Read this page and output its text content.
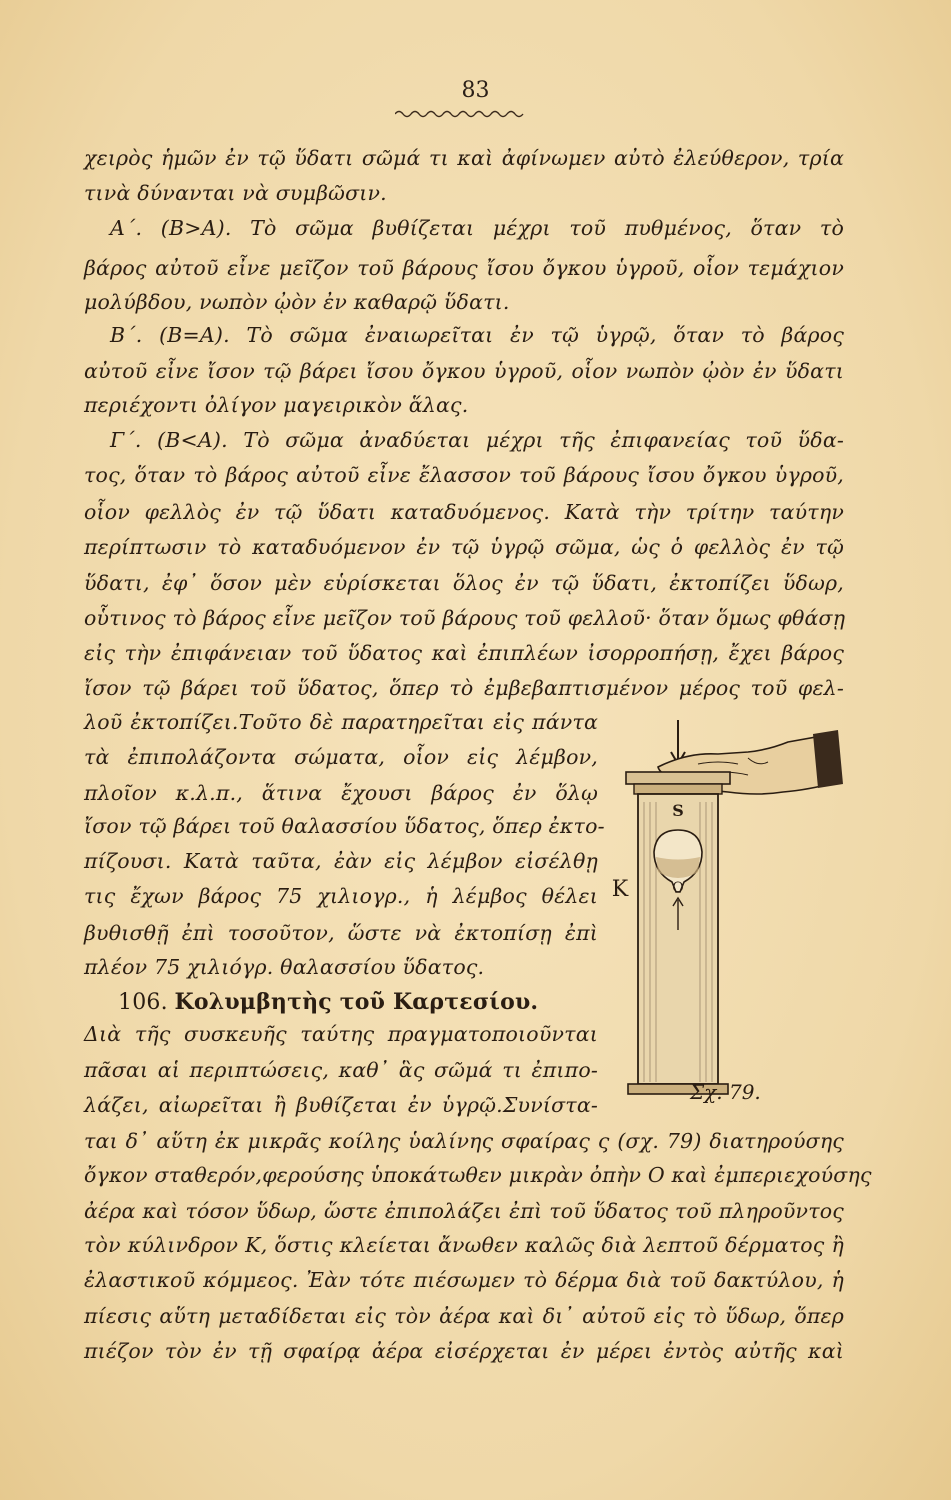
83
χειρὸς ἡμῶν ἐν τῷ ὕδατι σῶμά τι καὶ ἀφίνωμεν αὐτὸ ἐλεύθερον, τρία
τινὰ δύνανται νὰ συμβῶσιν.
Α΄. (Β>Α). Τὸ σῶμα βυθίζεται μέχρι τοῦ πυθμένος, ὅταν τὸ
βάρος αὐτοῦ εἶνε μεῖζον τοῦ βάρους ἴσου ὄγκου ὑγροῦ, οἷον τεμάχιον
μολύβδου, νωπὸν ᾠὸν ἐν καθαρῷ ὕδατι.
Β΄. (Β=Α). Τὸ σῶμα ἐναιωρεῖται ἐν τῷ ὑγρῷ, ὅταν τὸ βάρος
αὐτοῦ εἶνε ἴσον τῷ βάρει ἴσου ὄγκου ὑγροῦ, οἷον νωπὸν ᾠὸν ἐν ὕδατι
περιέχοντι ὀλίγον μαγειρικὸν ἅλας.
Γ΄. (Β<Α). Τὸ σῶμα ἀναδύεται μέχρι τῆς ἐπιφανείας τοῦ ὕδα-
τος, ὅταν τὸ βάρος αὐτοῦ εἶνε ἔλασσον τοῦ βάρους ἴσου ὄγκου ὑγροῦ,
οἷον φελλὸς ἐν τῷ ὕδατι καταδυόμενος. Κατὰ τὴν τρίτην ταύτην
περίπτωσιν τὸ καταδυόμενον ἐν τῷ ὑγρῷ σῶμα, ὡς ὁ φελλὸς ἐν τῷ
ὕδατι, ἐφ᾽ ὅσον μὲν εὑρίσκεται ὅλος ἐν τῷ ὕδατι, ἐκτοπίζει ὕδωρ,
οὗτινος τὸ βάρος εἶνε μεῖζον τοῦ βάρους τοῦ φελλοῦ· ὅταν ὅμως φθάσῃ
εἰς τὴν ἐπιφάνειαν τοῦ ὕδατος καὶ ἐπιπλέων ἰσορροπήσῃ, ἔχει βάρος
ἴσον τῷ βάρει τοῦ ὕδατος, ὅπερ τὸ ἐμβεβαπτισμένον μέρος τοῦ φελ-
λοῦ ἐκτοπίζει.Τοῦτο δὲ παρατηρεῖται εἰς πάντα
τὰ ἐπιπολάζοντα σώματα, οἷον εἰς λέμβον,
πλοῖον κ.λ.π., ἅτινα ἔχουσι βάρος ἐν ὅλῳ
ἴσον τῷ βάρει τοῦ θαλασσίου ὕδατος, ὅπερ ἐκτο-
πίζουσι. Κατὰ ταῦτα, ἐὰν εἰς λέμβον εἰσέλθῃ
τις ἔχων βάρος 75 χιλιογρ., ἡ λέμβος θέλει
βυθισθῇ ἐπὶ τοσοῦτον, ὥστε νὰ ἐκτοπίσῃ ἐπὶ
πλέον 75 χιλιόγρ. θαλασσίου ὕδατος.
106. Κολυμβητὴς τοῦ Καρτεσίου.
Διὰ τῆς συσκευῆς ταύτης πραγματοποιοῦνται
πᾶσαι αἱ περιπτώσεις, καθ᾽ ἃς σῶμά τι ἐπιπο-
λάζει, αἰωρεῖται ἢ βυθίζεται ἐν ὑγρῷ.Συνίστα-
ται δ᾽ αὕτη ἐκ μικρᾶς κοίλης ὑαλίνης σφαίρας ς (σχ. 79) διατηρούσης
ὄγκον σταθερόν,φερούσης ὑποκάτωθεν μικρὰν ὀπὴν Ο καὶ ἐμπεριεχούσης
ἀέρα καὶ τόσον ὕδωρ, ὥστε ἐπιπολάζει ἐπὶ τοῦ ὕδατος τοῦ πληροῦντος
τὸν κύλινδρον Κ, ὅστις κλείεται ἄνωθεν καλῶς διὰ λεπτοῦ δέρματος ἢ
ἐλαστικοῦ κόμμεος. Ἐὰν τότε πιέσωμεν τὸ δέρμα διὰ τοῦ δακτύλου, ἡ
πίεσις αὕτη μεταδίδεται εἰς τὸν ἀέρα καὶ δι᾽ αὐτοῦ εἰς τὸ ὕδωρ, ὅπερ
πιέζον τὸν ἐν τῇ σφαίρᾳ ἀέρα εἰσέρχεται ἐν μέρει ἐντὸς αὐτῆς καὶ
S
O
K
Σχ. 79.
